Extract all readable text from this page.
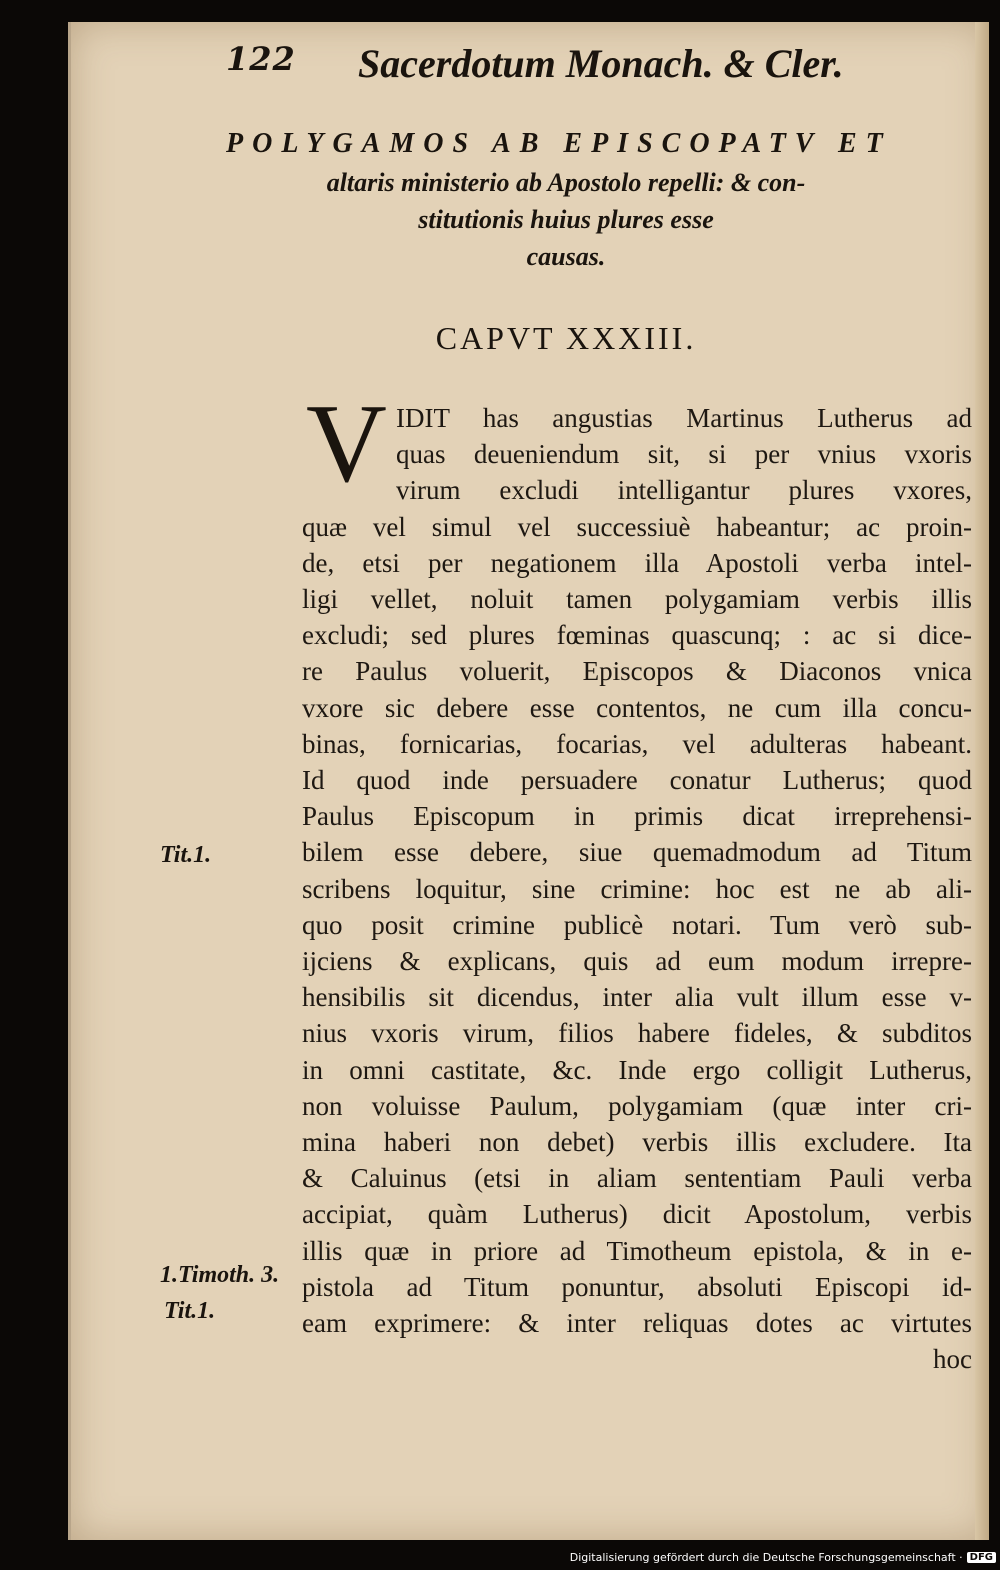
122 Sacerdotum Monach. & Cler.
POLYGAMOS AB EPISCOPATV ET
altaris ministerio ab Apostolo repelli: & con-
stitutionis huius plures esse
causas.
CAPVT XXXIII.
V IDIT has angustias Martinus Lutherus ad
quas deueniendum sit, si per vnius vxoris
virum excludi intelligantur plures vxores,
quæ vel simul vel successiuè habeantur; ac proin-
de, etsi per negationem illa Apostoli verba intel-
ligi vellet, noluit tamen polygamiam verbis illis
excludi; sed plures fœminas quascunq; : ac si dice-
re Paulus voluerit, Episcopos & Diaconos vnica
vxore sic debere esse contentos, ne cum illa concu-
binas, fornicarias, focarias, vel adulteras habeant.
Id quod inde persuadere conatur Lutherus; quod
Paulus Episcopum in primis dicat irreprehensi-
bilem esse debere, siue quemadmodum ad Titum
scribens loquitur, sine crimine: hoc est ne ab ali-
quo posit crimine publicè notari. Tum verò sub-
ijciens & explicans, quis ad eum modum irrepre-
hensibilis sit dicendus, inter alia vult illum esse v-
nius vxoris virum, filios habere fideles, & subditos
in omni castitate, &c. Inde ergo colligit Lutherus,
non voluisse Paulum, polygamiam (quæ inter cri-
mina haberi non debet) verbis illis excludere. Ita
& Caluinus (etsi in aliam sententiam Pauli verba
accipiat, quàm Lutherus) dicit Apostolum, verbis
illis quæ in priore ad Timotheum epistola, & in e-
pistola ad Titum ponuntur, absoluti Episcopi id-
eam exprimere: & inter reliquas dotes ac virtutes
hoc
Tit.1.
1.Timoth. 3.
Tit.1.
Digitalisierung gefördert durch die Deutsche Forschungsgemeinschaft · DFG
